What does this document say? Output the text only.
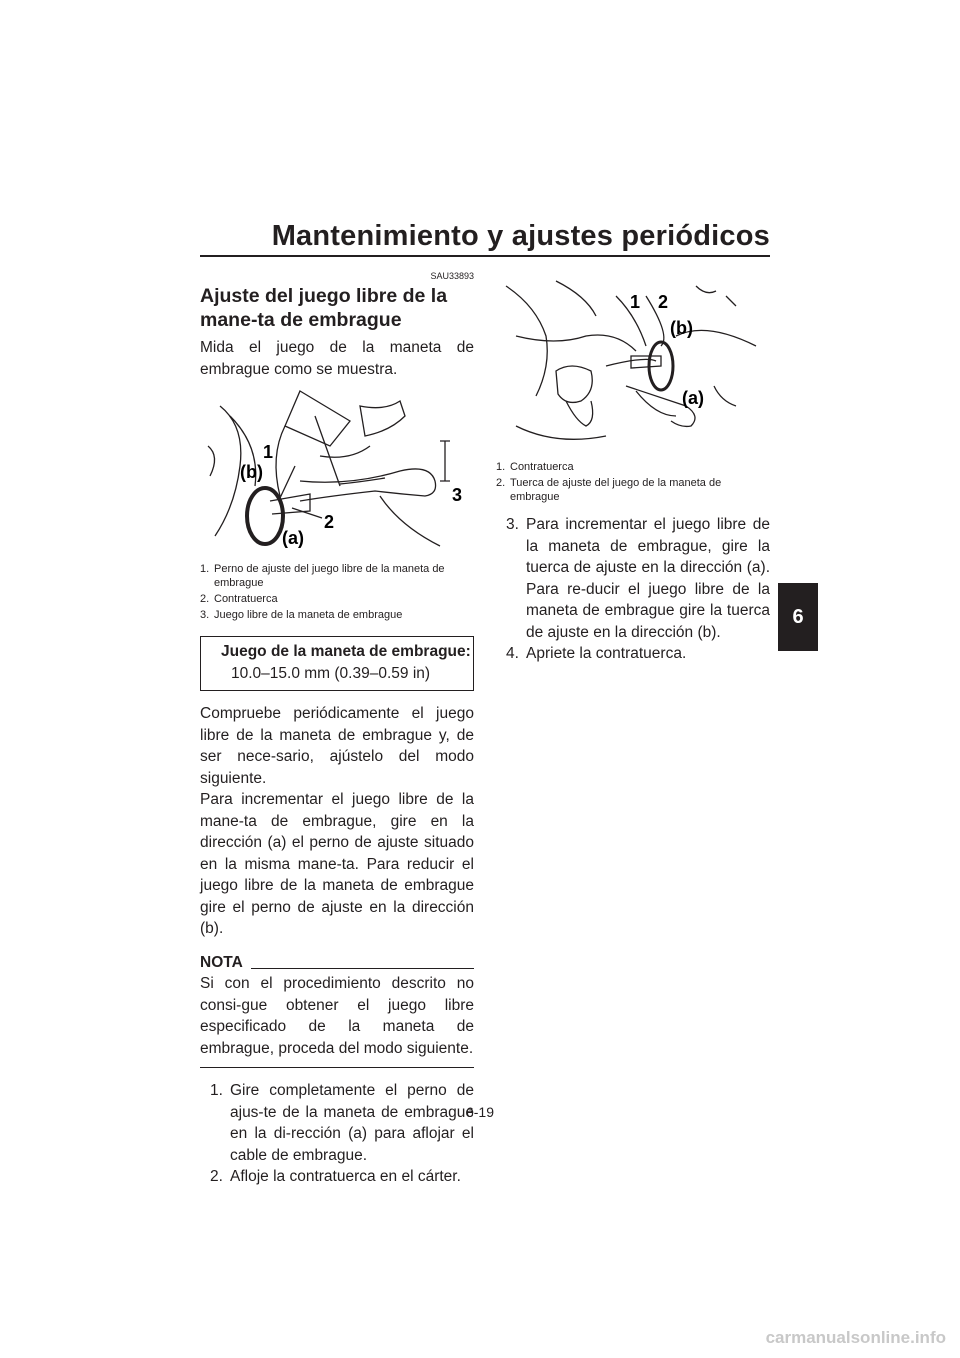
Mantenimiento y ajustes periódicos
6
SAU33893
Ajuste del juego libre de la mane-ta de embrague

Mida el juego de la maneta de embrague como se muestra.

1
2
3
(b)
(a)
1. Perno de ajuste del juego libre de la maneta de embrague
2. Contratuerca
3. Juego libre de la maneta de embrague
Juego de la maneta de embrague:
10.0–15.0 mm (0.39–0.59 in)

Compruebe periódicamente el juego libre de la maneta de embrague y, de ser nece-sario, ajústelo del modo siguiente.

Para incrementar el juego libre de la mane-ta de embrague, gire en la dirección (a) el perno de ajuste situado en la misma mane-ta. Para reducir el juego libre de la maneta de embrague gire el perno de ajuste en la dirección (b).

NOTA

Si con el procedimiento descrito no consi-gue obtener el juego libre especificado de la maneta de embrague, proceda del modo siguiente.

1. Gire completamente el perno de ajus-te de la maneta de embrague en la di-rección (a) para aflojar el cable de embrague.
2. Afloje la contratuerca en el cárter.
1 2
(b)
(a)
1. Contratuerca
2. Tuerca de ajuste del juego de la maneta de embrague
3. Para incrementar el juego libre de la maneta de embrague, gire la tuerca de ajuste en la dirección (a). Para re-ducir el juego libre de la maneta de embrague gire la tuerca de ajuste en la dirección (b).
4. Apriete la contratuerca.
6-19
carmanualsonline.info
